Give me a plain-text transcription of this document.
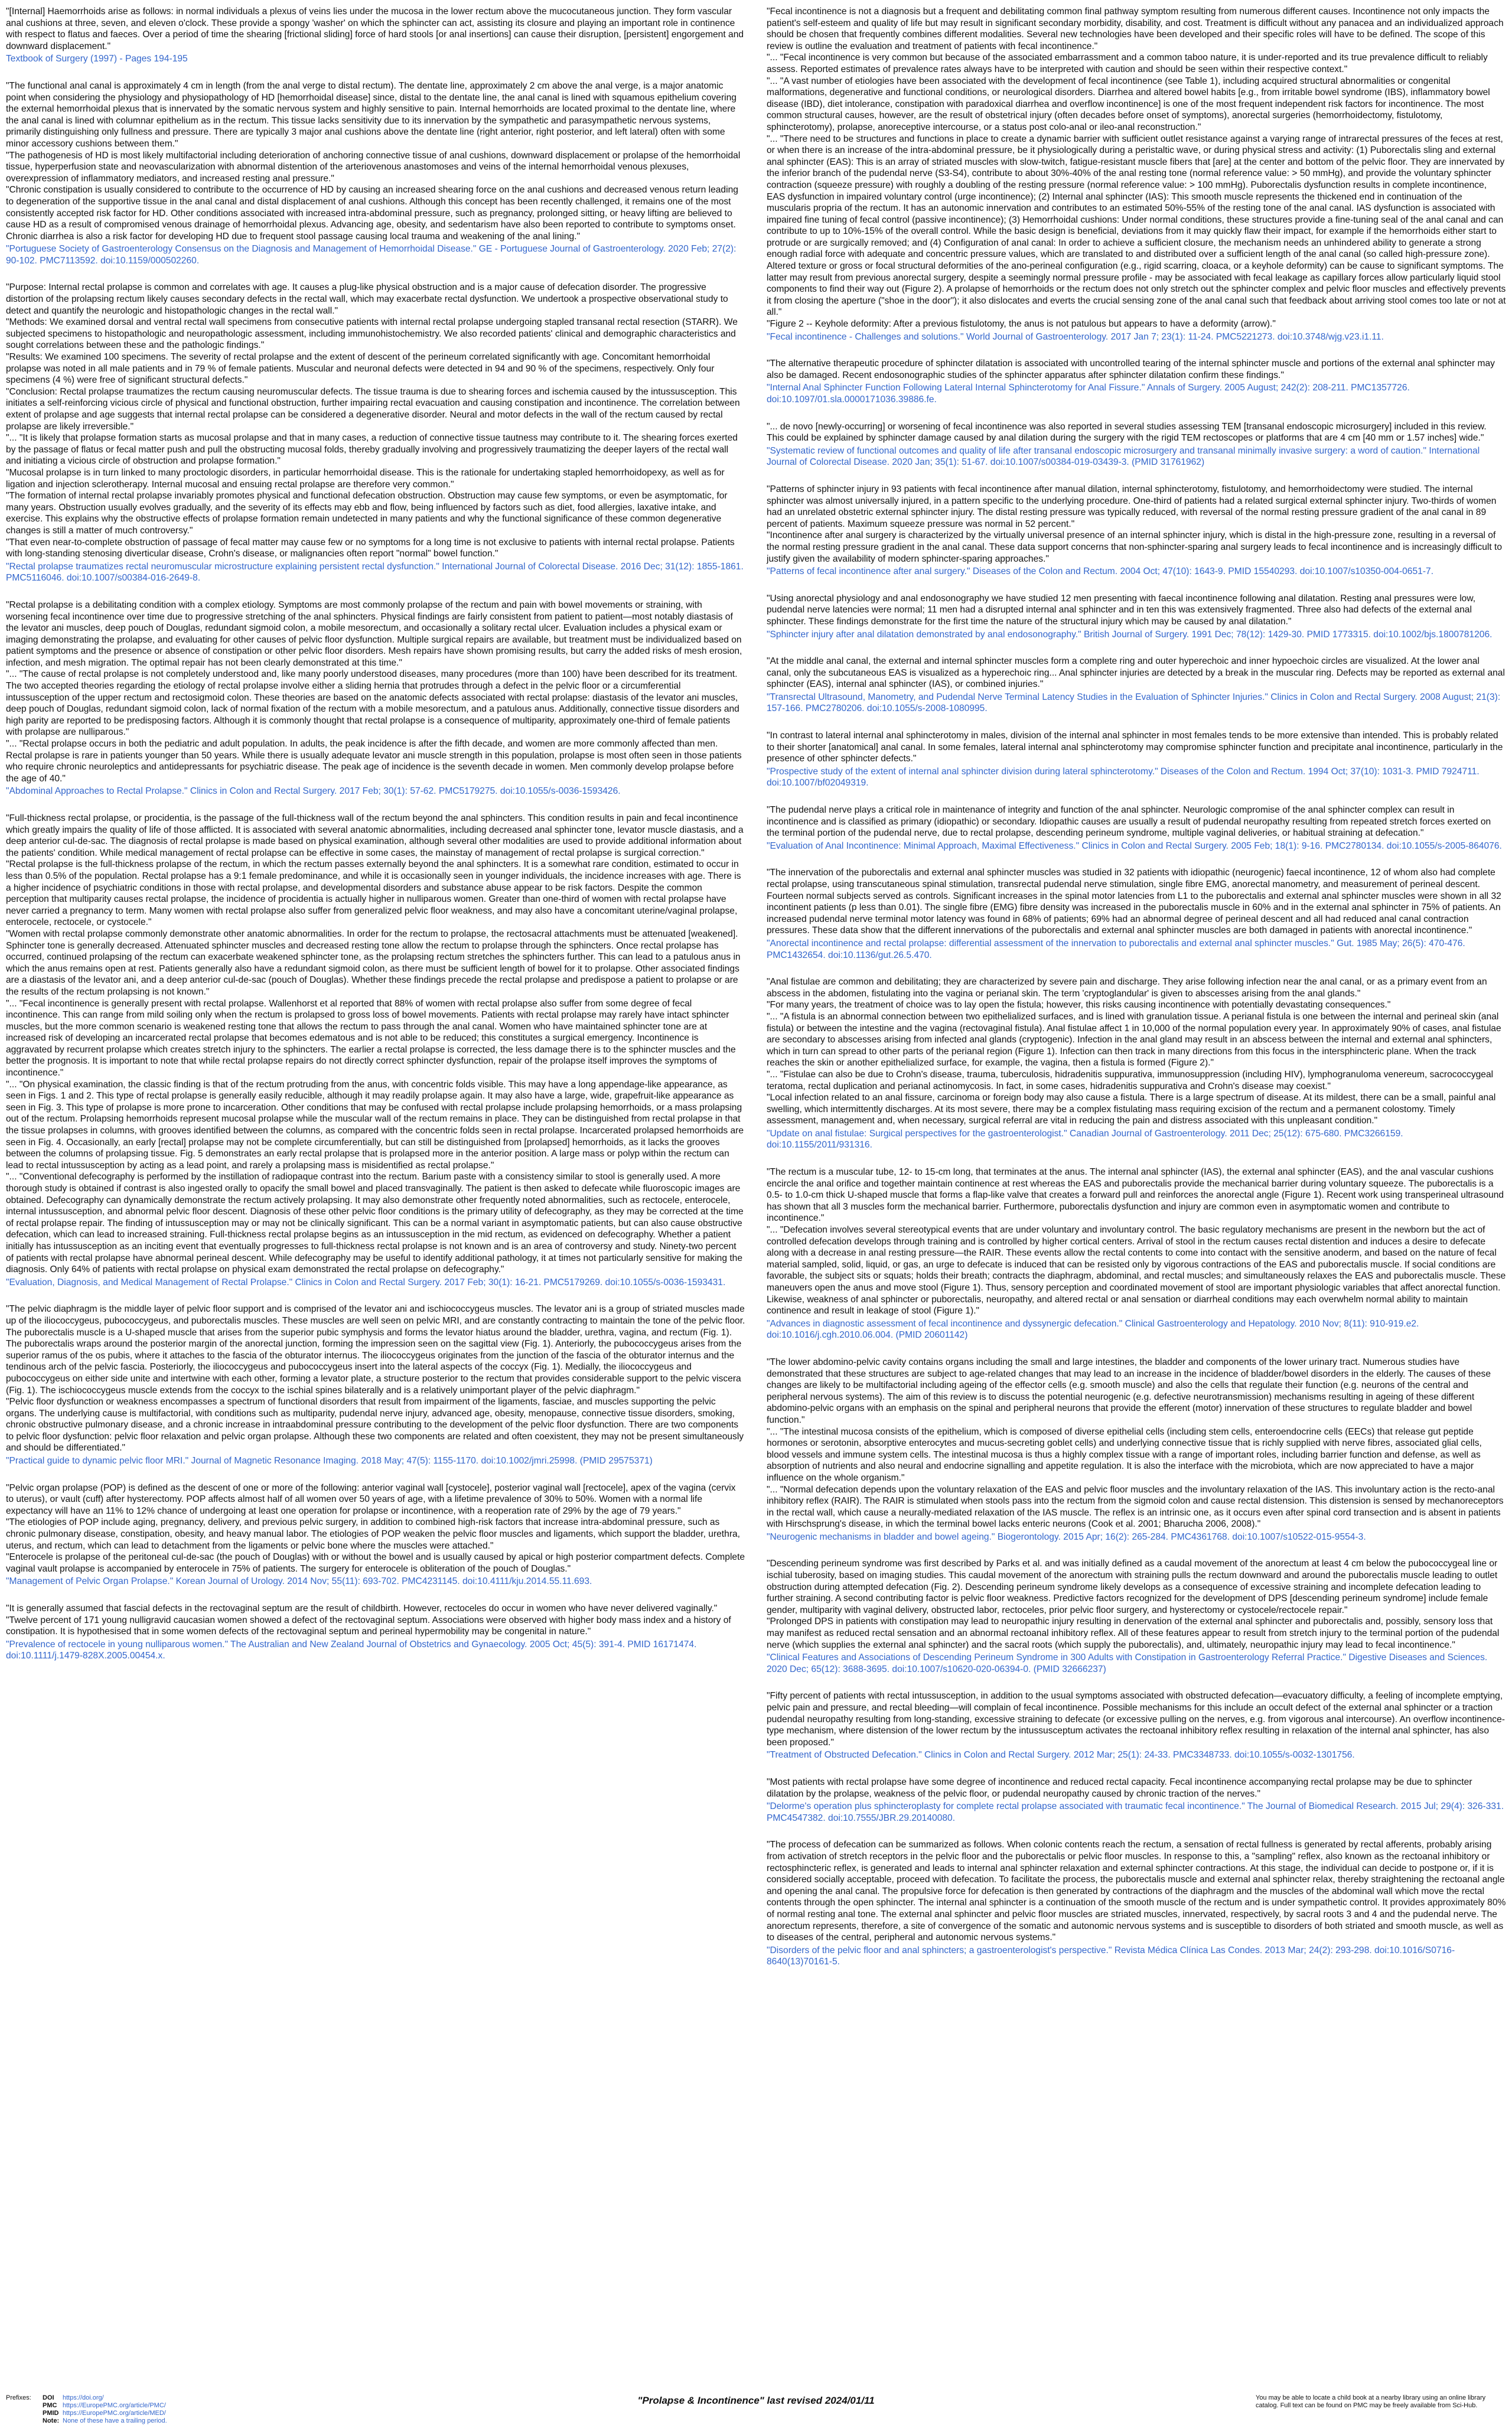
"[Internal] Haemorrhoids arise as follows: in normal individuals a plexus of veins lies under the mucosa in the lower rectum above the mucocutaneous junction. They form vascular anal cushions at three, seven, and eleven o'clock. These provide a spongy 'washer' on which the sphincter can act, assisting its closure and playing an important role in continence with respect to flatus and faeces. Over a period of time the shearing [frictional sliding] force of hard stools [or anal insertions] can cause their disruption, [persistent] engorgement and downward displacement."

Textbook of Surgery (1997) - Pages 194-195

"The functional anal canal is approximately 4 cm in length (from the anal verge to distal rectum). The dentate line, approximately 2 cm above the anal verge, is a major anatomic point when considering the physiology and physiopathology of HD [hemorrhoidal disease] since, distal to the dentate line, the anal canal is lined with squamous epithelium covering the external hemorrhoidal plexus that is innervated by the somatic nervous system and highly sensitive to pain. Internal hemorrhoids are located proximal to the dentate line, where the anal canal is lined with columnar epithelium as in the rectum. This tissue lacks sensitivity due to its innervation by the sympathetic and parasympathetic nervous systems, primarily distinguishing only fullness and pressure. There are typically 3 major anal cushions above the dentate line (right anterior, right posterior, and left lateral) often with some minor accessory cushions between them."
"The pathogenesis of HD is most likely multifactorial including deterioration of anchoring connective tissue of anal cushions, downward displacement or prolapse of the hemorrhoidal tissue, hyperperfusion state and neovascularization with abnormal distention of the arteriovenous anastomoses and veins of the internal hemorrhoidal venous plexuses, overexpression of inflammatory mediators, and increased resting anal pressure."
"Chronic constipation is usually considered to contribute to the occurrence of HD by causing an increased shearing force on the anal cushions and decreased venous return leading to degeneration of the supportive tissue in the anal canal and distal displacement of anal cushions. Although this concept has been recently challenged, it remains one of the most consistently accepted risk factor for HD. Other conditions associated with increased intra-abdominal pressure, such as pregnancy, prolonged sitting, or heavy lifting are believed to cause HD as a result of compromised venous drainage of hemorrhoidal plexus. Advancing age, obesity, and sedentarism have also been reported to contribute to symptoms onset. Chronic diarrhea is also a risk factor for developing HD due to frequent stool passage causing local trauma and weakening of the anal lining."

"Portuguese Society of Gastroenterology Consensus on the Diagnosis and Management of Hemorrhoidal Disease." GE - Portuguese Journal of Gastroenterology. 2020 Feb; 27(2): 90-102. PMC7113592. doi:10.1159/000502260.

"Purpose: Internal rectal prolapse is common and correlates with age. It causes a plug-like physical obstruction and is a major cause of defecation disorder. The progressive distortion of the prolapsing rectum likely causes secondary defects in the rectal wall, which may exacerbate rectal dysfunction. We undertook a prospective observational study to detect and quantify the neurologic and histopathologic changes in the rectal wall."
"Methods: We examined dorsal and ventral rectal wall specimens from consecutive patients with internal rectal prolapse undergoing stapled transanal rectal resection (STARR). We subjected specimens to histopathologic and neuropathologic assessment, including immunohistochemistry. We also recorded patients' clinical and demographic characteristics and sought correlations between these and the pathologic findings."
"Results: We examined 100 specimens. The severity of rectal prolapse and the extent of descent of the perineum correlated significantly with age. Concomitant hemorrhoidal prolapse was noted in all male patients and in 79 % of female patients. Muscular and neuronal defects were detected in 94 and 90 % of the specimens, respectively. Only four specimens (4 %) were free of significant structural defects."
"Conclusion: Rectal prolapse traumatizes the rectum causing neuromuscular defects. The tissue trauma is due to shearing forces and ischemia caused by the intussusception. This initiates a self-reinforcing vicious circle of physical and functional obstruction, further impairing rectal evacuation and causing constipation and incontinence. The correlation between extent of prolapse and age suggests that internal rectal prolapse can be considered a degenerative disorder. Neural and motor defects in the wall of the rectum caused by rectal prolapse are likely irreversible."
"... "It is likely that prolapse formation starts as mucosal prolapse and that in many cases, a reduction of connective tissue tautness may contribute to it. The shearing forces exerted by the passage of flatus or fecal matter push and pull the obstructing mucosal folds, thereby gradually involving and progressively traumatizing the deeper layers of the rectal wall and initiating a vicious circle of obstruction and prolapse formation."
"Mucosal prolapse is in turn linked to many proctologic disorders, in particular hemorrhoidal disease. This is the rationale for undertaking stapled hemorrhoidopexy, as well as for ligation and injection sclerotherapy. Internal mucosal and ensuing rectal prolapse are therefore very common."
"The formation of internal rectal prolapse invariably promotes physical and functional defecation obstruction. Obstruction may cause few symptoms, or even be asymptomatic, for many years. Obstruction usually evolves gradually, and the severity of its effects may ebb and flow, being influenced by factors such as diet, food allergies, laxative intake, and exercise. This explains why the obstructive effects of prolapse formation remain undetected in many patients and why the functional significance of these common degenerative changes is still a matter of much controversy."
"That even near-to-complete obstruction of passage of fecal matter may cause few or no symptoms for a long time is not exclusive to patients with internal rectal prolapse. Patients with long-standing stenosing diverticular disease, Crohn's disease, or malignancies often report "normal" bowel function."

"Rectal prolapse traumatizes rectal neuromuscular microstructure explaining persistent rectal dysfunction." International Journal of Colorectal Disease. 2016 Dec; 31(12): 1855-1861. PMC5116046. doi:10.1007/s00384-016-2649-8.

"Rectal prolapse is a debilitating condition with a complex etiology. Symptoms are most commonly prolapse of the rectum and pain with bowel movements or straining, with worsening fecal incontinence over time due to progressive stretching of the anal sphincters. Physical findings are fairly consistent from patient to patient—most notably diastasis of the levator ani muscles, deep pouch of Douglas, redundant sigmoid colon, a mobile mesorectum, and occasionally a solitary rectal ulcer. Evaluation includes a physical exam or imaging demonstrating the prolapse, and evaluating for other causes of pelvic floor dysfunction. Multiple surgical repairs are available, but treatment must be individualized based on patient symptoms and the presence or absence of constipation or other pelvic floor disorders. Mesh repairs have shown promising results, but carry the added risks of mesh erosion, infection, and mesh migration. The optimal repair has not been clearly demonstrated at this time."
"... "The cause of rectal prolapse is not completely understood and, like many poorly understood diseases, many procedures (more than 100) have been described for its treatment. The two accepted theories regarding the etiology of rectal prolapse involve either a sliding hernia that protrudes through a defect in the pelvic floor or a circumferential intussusception of the upper rectum and rectosigmoid colon. These theories are based on the anatomic defects associated with rectal prolapse: diastasis of the levator ani muscles, deep pouch of Douglas, redundant sigmoid colon, lack of normal fixation of the rectum with a mobile mesorectum, and a patulous anus. Additionally, connective tissue disorders and high parity are reported to be predisposing factors. Although it is commonly thought that rectal prolapse is a consequence of multiparity, approximately one-third of female patients with prolapse are nulliparous."
"... "Rectal prolapse occurs in both the pediatric and adult population. In adults, the peak incidence is after the fifth decade, and women are more commonly affected than men. Rectal prolapse is rare in patients younger than 50 years. While there is usually adequate levator ani muscle strength in this population, prolapse is most often seen in those patients who require chronic neuroleptics and antidepressants for psychiatric disease. The peak age of incidence is the seventh decade in women. Men commonly develop prolapse before the age of 40."

"Abdominal Approaches to Rectal Prolapse." Clinics in Colon and Rectal Surgery. 2017 Feb; 30(1): 57-62. PMC5179275. doi:10.1055/s-0036-1593426.

"Full-thickness rectal prolapse, or procidentia, is the passage of the full-thickness wall of the rectum beyond the anal sphincters. This condition results in pain and fecal incontinence which greatly impairs the quality of life of those afflicted. It is associated with several anatomic abnormalities, including decreased anal sphincter tone, levator muscle diastasis, and a deep anterior cul-de-sac. The diagnosis of rectal prolapse is made based on physical examination, although several other modalities are used to provide additional information about the patients' condition. While medical management of rectal prolapse can be effective in some cases, the mainstay of management of rectal prolapse is surgical correction."
"Rectal prolapse is the full-thickness prolapse of the rectum, in which the rectum passes externally beyond the anal sphincters. It is a somewhat rare condition, estimated to occur in less than 0.5% of the population. Rectal prolapse has a 9:1 female predominance, and while it is occasionally seen in younger individuals, the incidence increases with age. There is a higher incidence of psychiatric conditions in those with rectal prolapse, and developmental disorders and substance abuse appear to be risk factors. Despite the common perception that multiparity causes rectal prolapse, the incidence of procidentia is actually higher in nulliparous women. Greater than one-third of women with rectal prolapse have never carried a pregnancy to term. Many women with rectal prolapse also suffer from generalized pelvic floor weakness, and may also have a concomitant uterine/vaginal prolapse, enterocele, rectocele, or cystocele."
"Women with rectal prolapse commonly demonstrate other anatomic abnormalities. In order for the rectum to prolapse, the rectosacral attachments must be attenuated [weakened]. Sphincter tone is generally decreased. Attenuated sphincter muscles and decreased resting tone allow the rectum to prolapse through the sphincters. Once rectal prolapse has occurred, continued prolapsing of the rectum can exacerbate weakened sphincter tone, as the prolapsing rectum stretches the sphincters further. This can lead to a patulous anus in which the anus remains open at rest. Patients generally also have a redundant sigmoid colon, as there must be sufficient length of bowel for it to prolapse. Other associated findings are a diastasis of the levator ani, and a deep anterior cul-de-sac (pouch of Douglas). Whether these findings precede the rectal prolapse and predispose a patient to prolapse or are the results of the rectum prolapsing is not known."
"... "Fecal incontinence is generally present with rectal prolapse. Wallenhorst et al reported that 88% of women with rectal prolapse also suffer from some degree of fecal incontinence. This can range from mild soiling only when the rectum is prolapsed to gross loss of bowel movements. Patients with rectal prolapse may rarely have intact sphincter muscles, but the more common scenario is weakened resting tone that allows the rectum to pass through the anal canal. Women who have maintained sphincter tone are at increased risk of developing an incarcerated rectal prolapse that becomes edematous and is not able to be reduced; this constitutes a surgical emergency. Incontinence is aggravated by recurrent prolapse which creates stretch injury to the sphincters. The earlier a rectal prolapse is corrected, the less damage there is to the sphincter muscles and the better the prognosis. It is important to note that while rectal prolapse repairs do not directly correct sphincter dysfunction, repair of the prolapse itself improves the symptoms of incontinence."
"... "On physical examination, the classic finding is that of the rectum protruding from the anus, with concentric folds visible. This may have a long appendage-like appearance, as seen in Figs. 1 and 2. This type of rectal prolapse is generally easily reducible, although it may readily prolapse again. It may also have a large, wide, grapefruit-like appearance as seen in Fig. 3. This type of prolapse is more prone to incarceration. Other conditions that may be confused with rectal prolapse include prolapsing hemorrhoids, or a mass prolapsing out of the rectum. Prolapsing hemorrhoids represent mucosal prolapse while the muscular wall of the rectum remains in place. They can be distinguished from rectal prolapse in that the tissue prolapses in columns, with grooves identified between the columns, as compared with the concentric folds seen in rectal prolapse. Incarcerated prolapsed hemorrhoids are seen in Fig. 4. Occasionally, an early [rectal] prolapse may not be complete circumferentially, but can still be distinguished from [prolapsed] hemorrhoids, as it lacks the grooves between the columns of prolapsing tissue. Fig. 5 demonstrates an early rectal prolapse that is prolapsed more in the anterior position. A large mass or polyp within the rectum can lead to rectal intussusception by acting as a lead point, and rarely a prolapsing mass is misidentified as rectal prolapse."
"... "Conventional defecography is performed by the instillation of radiopaque contrast into the rectum. Barium paste with a consistency similar to stool is generally used. A more thorough study is obtained if contrast is also ingested orally to opacify the small bowel and placed transvaginally. The patient is then asked to defecate while fluoroscopic images are obtained. Defecography can dynamically demonstrate the rectum actively prolapsing. It may also demonstrate other frequently noted abnormalities, such as rectocele, enterocele, internal intussusception, and abnormal pelvic floor descent. Diagnosis of these other pelvic floor conditions is the primary utility of defecography, as they may be corrected at the time of rectal prolapse repair. The finding of intussusception may or may not be clinically significant. This can be a normal variant in asymptomatic patients, but can also cause obstructive defecation, which can lead to increased straining. Full-thickness rectal prolapse begins as an intussusception in the mid rectum, as evidenced on defecography. Whether a patient initially has intussusception as an inciting event that eventually progresses to full-thickness rectal prolapse is not known and is an area of controversy and study. Ninety-two percent of patients with rectal prolapse have abnormal perineal descent. While defecography may be useful to identify additional pathology, it at times not particularly sensitive for making the diagnosis. Only 64% of patients with rectal prolapse on physical exam demonstrated the rectal prolapse on defecography."

"Evaluation, Diagnosis, and Medical Management of Rectal Prolapse." Clinics in Colon and Rectal Surgery. 2017 Feb; 30(1): 16-21. PMC5179269. doi:10.1055/s-0036-1593431.

"The pelvic diaphragm is the middle layer of pelvic floor support and is comprised of the levator ani and ischiococcygeus muscles. The levator ani is a group of striated muscles made up of the iliococcygeus, pubococcygeus, and puborectalis muscles. These muscles are well seen on pelvic MRI, and are constantly contracting to maintain the tone of the pelvic floor. The puborectalis muscle is a U-shaped muscle that arises from the superior pubic symphysis and forms the levator hiatus around the bladder, urethra, vagina, and rectum (Fig. 1). The puborectalis wraps around the posterior margin of the anorectal junction, forming the impression seen on the sagittal view (Fig. 1). Anteriorly, the pubococcygeus arises from the superior ramus of the os pubis, where it attaches to the fascia of the obturator internus. The iliococcygeus originates from the junction of the fascia of the obturator internus and the tendinous arch of the pelvic fascia. Posteriorly, the iliococcygeus and pubococcygeus insert into the lateral aspects of the coccyx (Fig. 1). Medially, the iliococcygeus and pubococcygeus on either side unite and intertwine with each other, forming a levator plate, a structure posterior to the rectum that provides considerable support to the pelvic viscera (Fig. 1). The ischiococcygeus muscle extends from the coccyx to the ischial spines bilaterally and is a relatively unimportant player of the pelvic diaphragm."
"Pelvic floor dysfunction or weakness encompasses a spectrum of functional disorders that result from impairment of the ligaments, fasciae, and muscles supporting the pelvic organs. The underlying cause is multifactorial, with conditions such as multiparity, pudendal nerve injury, advanced age, obesity, menopause, connective tissue disorders, smoking, chronic obstructive pulmonary disease, and a chronic increase in intraabdominal pressure contributing to the development of the pelvic floor dysfunction. There are two components to pelvic floor dysfunction: pelvic floor relaxation and pelvic organ prolapse. Although these two components are related and often coexistent, they may not be present simultaneously and should be differentiated."

"Practical guide to dynamic pelvic floor MRI." Journal of Magnetic Resonance Imaging. 2018 May; 47(5): 1155-1170. doi:10.1002/jmri.25998. (PMID 29575371)

"Pelvic organ prolapse (POP) is defined as the descent of one or more of the following: anterior vaginal wall [cystocele], posterior vaginal wall [rectocele], apex of the vagina (cervix to uterus), or vault (cuff) after hysterectomy. POP affects almost half of all women over 50 years of age, with a lifetime prevalence of 30% to 50%. Women with a normal life expectancy will have an 11% to 12% chance of undergoing at least one operation for prolapse or incontinence, with a reoperation rate of 29% by the age of 79 years."
"The etiologies of POP include aging, pregnancy, delivery, and previous pelvic surgery, in addition to combined high-risk factors that increase intra-abdominal pressure, such as chronic pulmonary disease, constipation, obesity, and heavy manual labor. The etiologies of POP weaken the pelvic floor muscles and ligaments, which support the bladder, urethra, uterus, and rectum, which can lead to detachment from the ligaments or pelvic bone where the muscles were attached."
"Enterocele is prolapse of the peritoneal cul-de-sac (the pouch of Douglas) with or without the bowel and is usually caused by apical or high posterior compartment defects. Complete vaginal vault prolapse is accompanied by enterocele in 75% of patients. The surgery for enterocele is obliteration of the pouch of Douglas."

"Management of Pelvic Organ Prolapse." Korean Journal of Urology. 2014 Nov; 55(11): 693-702. PMC4231145. doi:10.4111/kju.2014.55.11.693.

"It is generally assumed that fascial defects in the rectovaginal septum are the result of childbirth. However, rectoceles do occur in women who have never delivered vaginally."
"Twelve percent of 171 young nulligravid caucasian women showed a defect of the rectovaginal septum. Associations were observed with higher body mass index and a history of constipation. It is hypothesised that in some women defects of the rectovaginal septum and perineal hypermobility may be congenital in nature."

"Prevalence of rectocele in young nulliparous women." The Australian and New Zealand Journal of Obstetrics and Gynaecology. 2005 Oct; 45(5): 391-4. PMID 16171474. doi:10.1111/j.1479-828X.2005.00454.x.

"Fecal incontinence is not a diagnosis but a frequent and debilitating common final pathway symptom resulting from numerous different causes. Incontinence not only impacts the patient's self-esteem and quality of life but may result in significant secondary morbidity, disability, and cost. Treatment is difficult without any panacea and an individualized approach should be chosen that frequently combines different modalities. Several new technologies have been developed and their specific roles will have to be defined. The scope of this review is outline the evaluation and treatment of patients with fecal incontinence."
"... "Fecal incontinence is very common but because of the associated embarrassment and a common taboo nature, it is under-reported and its true prevalence difficult to reliably assess. Reported estimates of prevalence rates always have to be interpreted with caution and should be seen within their respective context."
"... "A vast number of etiologies have been associated with the development of fecal incontinence (see Table 1), including acquired structural abnormalities or congenital malformations, degenerative and functional conditions, or neurological disorders. Diarrhea and altered bowel habits [e.g., from irritable bowel syndrome (IBS), inflammatory bowel disease (IBD), diet intolerance, constipation with paradoxical diarrhea and overflow incontinence] is one of the most frequent independent risk factors for incontinence. The most common structural causes, however, are the result of obstetrical injury (often decades before onset of symptoms), anorectal surgeries (hemorrhoidectomy, fistulotomy, sphincterotomy), prolapse, anoreceptive intercourse, or a status post colo-anal or ileo-anal reconstruction."
"... "There need to be structures and functions in place to create a dynamic barrier with sufficient outlet resistance against a varying range of intrarectal pressures of the feces at rest, or when there is an increase of the intra-abdominal pressure, be it physiologically during a peristaltic wave, or during physical stress and activity: (1) Puborectalis sling and external anal sphincter (EAS): This is an array of striated muscles with slow-twitch, fatigue-resistant muscle fibers that [are] at the center and bottom of the pelvic floor. They are innervated by the inferior branch of the pudendal nerve (S3-S4), contribute to about 30%-40% of the anal resting tone (normal reference value: > 50 mmHg), and provide the voluntary sphincter contraction (squeeze pressure) with roughly a doubling of the resting pressure (normal reference value: > 100 mmHg). Puborectalis dysfunction results in complete incontinence, EAS dysfunction in impaired voluntary control (urge incontinence); (2) Internal anal sphincter (IAS): This smooth muscle represents the thickened end in continuation of the muscularis propria of the rectum. It has an autonomic innervation and contributes to an estimated 50%-55% of the resting tone of the anal canal. IAS dysfunction is associated with impaired fine tuning of fecal control (passive incontinence); (3) Hemorrhoidal cushions: Under normal conditions, these structures provide a fine-tuning seal of the anal canal and can contribute to up to 10%-15% of the overall control. While the basic design is beneficial, deviations from it may quickly flaw their impact, for example if the hemorrhoids either start to protrude or are surgically removed; and (4) Configuration of anal canal: In order to achieve a sufficient closure, the mechanism needs an unhindered ability to generate a strong enough radial force with adequate and concentric pressure values, which are translated to and distributed over a sufficient length of the anal canal (so called high-pressure zone). Altered texture or gross or focal structural deformities of the ano-perineal configuration (e.g., rigid scarring, cloaca, or a keyhole deformity) can be cause to significant symptoms. The latter may result from previous anorectal surgery, despite a seemingly normal pressure profile - may be associated with fecal leakage as capillary forces allow particularly liquid stool components to find their way out (Figure 2). A prolapse of hemorrhoids or the rectum does not only stretch out the sphincter complex and pelvic floor muscles and effectively prevents it from closing the aperture ("shoe in the door"); it also dislocates and everts the crucial sensing zone of the anal canal such that feedback about arriving stool comes too late or not at all."
"Figure 2 -- Keyhole deformity: After a previous fistulotomy, the anus is not patulous but appears to have a deformity (arrow)."

"Fecal incontinence - Challenges and solutions." World Journal of Gastroenterology. 2017 Jan 7; 23(1): 11-24. PMC5221273. doi:10.3748/wjg.v23.i1.11.

"The alternative therapeutic procedure of sphincter dilatation is associated with uncontrolled tearing of the internal sphincter muscle and portions of the external anal sphincter may also be damaged. Recent endosonographic studies of the sphincter apparatus after sphincter dilatation confirm these findings."

"Internal Anal Sphincter Function Following Lateral Internal Sphincterotomy for Anal Fissure." Annals of Surgery. 2005 August; 242(2): 208-211. PMC1357726. doi:10.1097/01.sla.0000171036.39886.fe.

"... de novo [newly-occurring] or worsening of fecal incontinence was also reported in several studies assessing TEM [transanal endoscopic microsurgery] included in this review. This could be explained by sphincter damage caused by anal dilation during the surgery with the rigid TEM rectoscopes or platforms that are 4 cm [40 mm or 1.57 inches] wide."

"Systematic review of functional outcomes and quality of life after transanal endoscopic microsurgery and transanal minimally invasive surgery: a word of caution." International Journal of Colorectal Disease. 2020 Jan; 35(1): 51-67. doi:10.1007/s00384-019-03439-3. (PMID 31761962)

"Patterns of sphincter injury in 93 patients with fecal incontinence after manual dilation, internal sphincterotomy, fistulotomy, and hemorrhoidectomy were studied. The internal sphincter was almost universally injured, in a pattern specific to the underlying procedure. One-third of patients had a related surgical external sphincter injury. Two-thirds of women had an unrelated obstetric external sphincter injury. The distal resting pressure was typically reduced, with reversal of the normal resting pressure gradient of the anal canal in 89 percent of patients. Maximum squeeze pressure was normal in 52 percent."
"Incontinence after anal surgery is characterized by the virtually universal presence of an internal sphincter injury, which is distal in the high-pressure zone, resulting in a reversal of the normal resting pressure gradient in the anal canal. These data support concerns that non-sphincter-sparing anal surgery leads to fecal incontinence and is increasingly difficult to justify given the availability of modern sphincter-sparing approaches."

"Patterns of fecal incontinence after anal surgery." Diseases of the Colon and Rectum. 2004 Oct; 47(10): 1643-9. PMID 15540293. doi:10.1007/s10350-004-0651-7.

"Using anorectal physiology and anal endosonography we have studied 12 men presenting with faecal incontinence following anal dilatation. Resting anal pressures were low, pudendal nerve latencies were normal; 11 men had a disrupted internal anal sphincter and in ten this was extensively fragmented. Three also had defects of the external anal sphincter. These findings demonstrate for the first time the nature of the structural injury which may be caused by anal dilatation."

"Sphincter injury after anal dilatation demonstrated by anal endosonography." British Journal of Surgery. 1991 Dec; 78(12): 1429-30. PMID 1773315. doi:10.1002/bjs.1800781206.

"At the middle anal canal, the external and internal sphincter muscles form a complete ring and outer hyperechoic and inner hypoechoic circles are visualized. At the lower anal canal, only the subcutaneous EAS is visualized as a hyperechoic ring... Anal sphincter injuries are detected by a break in the muscular ring. Defects may be reported as external anal sphincter (EAS), internal anal sphincter (IAS), or combined injuries."

"Transrectal Ultrasound, Manometry, and Pudendal Nerve Terminal Latency Studies in the Evaluation of Sphincter Injuries." Clinics in Colon and Rectal Surgery. 2008 August; 21(3): 157-166. PMC2780206. doi:10.1055/s-2008-1080995.

"In contrast to lateral internal anal sphincterotomy in males, division of the internal anal sphincter in most females tends to be more extensive than intended. This is probably related to their shorter [anatomical] anal canal. In some females, lateral internal anal sphincterotomy may compromise sphincter function and precipitate anal incontinence, particularly in the presence of other sphincter defects."

"Prospective study of the extent of internal anal sphincter division during lateral sphincterotomy." Diseases of the Colon and Rectum. 1994 Oct; 37(10): 1031-3. PMID 7924711. doi:10.1007/bf02049319.

"The pudendal nerve plays a critical role in maintenance of integrity and function of the anal sphincter. Neurologic compromise of the anal sphincter complex can result in incontinence and is classified as primary (idiopathic) or secondary. Idiopathic causes are usually a result of pudendal neuropathy resulting from repeated stretch forces exerted on the terminal portion of the pudendal nerve, due to rectal prolapse, descending perineum syndrome, multiple vaginal deliveries, or habitual straining at defecation."

"Evaluation of Anal Incontinence: Minimal Approach, Maximal Effectiveness." Clinics in Colon and Rectal Surgery. 2005 Feb; 18(1): 9-16. PMC2780134. doi:10.1055/s-2005-864076.

"The innervation of the puborectalis and external anal sphincter muscles was studied in 32 patients with idiopathic (neurogenic) faecal incontinence, 12 of whom also had complete rectal prolapse, using transcutaneous spinal stimulation, transrectal pudendal nerve stimulation, single fibre EMG, anorectal manometry, and measurement of perineal descent. Fourteen normal subjects served as controls. Significant increases in the spinal motor latencies from L1 to the puborectalis and external anal sphincter muscles were shown in all 32 incontinent patients (p less than 0.01). The single fibre (EMG) fibre density was increased in the puborectalis muscle in 60% and in the external anal sphincter in 75% of patients. An increased pudendal nerve terminal motor latency was found in 68% of patients; 69% had an abnormal degree of perineal descent and all had reduced anal canal contraction pressures. These data show that the different innervations of the puborectalis and external anal sphincter muscles are both damaged in patients with anorectal incontinence."

"Anorectal incontinence and rectal prolapse: differential assessment of the innervation to puborectalis and external anal sphincter muscles." Gut. 1985 May; 26(5): 470-476. PMC1432654. doi:10.1136/gut.26.5.470.

"Anal fistulae are common and debilitating; they are characterized by severe pain and discharge. They arise following infection near the anal canal, or as a primary event from an abscess in the abdomen, fistulating into the vagina or perianal skin. The term 'cryptoglandular' is given to abscesses arising from the anal glands."
"For many years, the treatment of choice was to lay open the fistula; however, this risks causing incontinence with potentially devastating consequences."
"... "A fistula is an abnormal connection between two epithelialized surfaces, and is lined with granulation tissue. A perianal fistula is one between the internal and perineal skin (anal fistula) or between the intestine and the vagina (rectovaginal fistula). Anal fistulae affect 1 in 10,000 of the normal population every year. In approximately 90% of cases, anal fistulae are secondary to abscesses arising from infected anal glands (cryptogenic). Infection in the anal gland may result in an abscess between the internal and external anal sphincters, which in turn can spread to other parts of the perianal region (Figure 1). Infection can then track in many directions from this focus in the intersphincteric plane. When the track reaches the skin or another epithelialized surface, for example, the vagina, then a fistula is formed (Figure 2)."
"... "Fistulae can also be due to Crohn's disease, trauma, tuberculosis, hidradenitis suppurativa, immunosuppression (including HIV), lymphogranuloma venereum, sacrococcygeal teratoma, rectal duplication and perianal actinomycosis. In fact, in some cases, hidradenitis suppurativa and Crohn's disease may coexist."
"Local infection related to an anal fissure, carcinoma or foreign body may also cause a fistula. There is a large spectrum of disease. At its mildest, there can be a small, painful anal swelling, which intermittently discharges. At its most severe, there may be a complex fistulating mass requiring excision of the rectum and a permanent colostomy. Timely assessment, management and, when necessary, surgical referral are vital in reducing the pain and distress associated with this unpleasant condition."

"Update on anal fistulae: Surgical perspectives for the gastroenterologist." Canadian Journal of Gastroenterology. 2011 Dec; 25(12): 675-680. PMC3266159. doi:10.1155/2011/931316.

"The rectum is a muscular tube, 12- to 15-cm long, that terminates at the anus. The internal anal sphincter (IAS), the external anal sphincter (EAS), and the anal vascular cushions encircle the anal orifice and together maintain continence at rest whereas the EAS and puborectalis provide the mechanical barrier during voluntary squeeze. The puborectalis is a 0.5- to 1.0-cm thick U-shaped muscle that forms a flap-like valve that creates a forward pull and reinforces the anorectal angle (Figure 1). Recent work using transperineal ultrasound has shown that all 3 muscles form the mechanical barrier. Furthermore, puborectalis dysfunction and injury are common even in asymptomatic women and contribute to incontinence."
"... "Defecation involves several stereotypical events that are under voluntary and involuntary control. The basic regulatory mechanisms are present in the newborn but the act of controlled defecation develops through training and is controlled by higher cortical centers. Arrival of stool in the rectum causes rectal distention and induces a desire to defecate along with a decrease in anal resting pressure—the RAIR. These events allow the rectal contents to come into contact with the sensitive anoderm, and based on the nature of fecal material sampled, solid, liquid, or gas, an urge to defecate is induced that can be resisted only by vigorous contractions of the EAS and puborectalis muscle. If social conditions are favorable, the subject sits or squats; holds their breath; contracts the diaphragm, abdominal, and rectal muscles; and simultaneously relaxes the EAS and puborectalis muscle. These maneuvers open the anus and move stool (Figure 1). Thus, sensory perception and coordinated movement of stool are important physiologic variables that affect anorectal function. Likewise, weakness of anal sphincter or puborectalis, neuropathy, and altered rectal or anal sensation or diarrheal conditions may each overwhelm normal ability to maintain continence and result in leakage of stool (Figure 1)."

"Advances in diagnostic assessment of fecal incontinence and dyssynergic defecation." Clinical Gastroenterology and Hepatology. 2010 Nov; 8(11): 910-919.e2. doi:10.1016/j.cgh.2010.06.004. (PMID 20601142)

"The lower abdomino-pelvic cavity contains organs including the small and large intestines, the bladder and components of the lower urinary tract. Numerous studies have demonstrated that these structures are subject to age-related changes that may lead to an increase in the incidence of bladder/bowel disorders in the elderly. The causes of these changes are likely to be multifactorial including ageing of the effector cells (e.g. smooth muscle) and also the cells that regulate their function (e.g. neurons of the central and peripheral nervous systems). The aim of this review is to discuss the potential neurogenic (e.g. defective neurotransmission) mechanisms resulting in ageing of these different abdomino-pelvic organs with an emphasis on the spinal and peripheral neurons that provide the efferent (motor) innervation of these structures to regulate bladder and bowel function."
"... "The intestinal mucosa consists of the epithelium, which is composed of diverse epithelial cells (including stem cells, enteroendocrine cells (EECs) that release gut peptide hormones or serotonin, absorptive enterocytes and mucus-secreting goblet cells) and underlying connective tissue that is richly supplied with nerve fibres, associated glial cells, blood vessels and immune system cells. The intestinal mucosa is thus a highly complex tissue with a range of important roles, including barrier function and defense, as well as absorption of nutrients and also neural and endocrine signalling and appetite regulation. It is also the interface with the microbiota, which are now appreciated to have a major influence on the whole organism."
"... "Normal defecation depends upon the voluntary relaxation of the EAS and pelvic floor muscles and the involuntary relaxation of the IAS. This involuntary action is the recto-anal inhibitory reflex (RAIR). The RAIR is stimulated when stools pass into the rectum from the sigmoid colon and cause rectal distension. This distension is sensed by mechanoreceptors in the rectal wall, which cause a neurally-mediated relaxation of the IAS muscle. The reflex is an intrinsic one, as it occurs even after spinal cord transection and is absent in patients with Hirschsprung's disease, in which the terminal bowel lacks enteric neurons (Cook et al. 2001; Bharucha 2006, 2008)."

"Neurogenic mechanisms in bladder and bowel ageing." Biogerontology. 2015 Apr; 16(2): 265-284. PMC4361768. doi:10.1007/s10522-015-9554-3.

"Descending perineum syndrome was first described by Parks et al. and was initially defined as a caudal movement of the anorectum at least 4 cm below the pubococcygeal line or ischial tuberosity, based on imaging studies. This caudal movement of the anorectum with straining pulls the rectum downward and around the puborectalis muscle leading to outlet obstruction during attempted defecation (Fig. 2). Descending perineum syndrome likely develops as a consequence of excessive straining and incomplete defecation leading to further straining. A second contributing factor is pelvic floor weakness. Predictive factors recognized for the development of DPS [descending perineum syndrome] include female gender, multiparity with vaginal delivery, obstructed labor, rectoceles, prior pelvic floor surgery, and hysterectomy or cystocele/rectocele repair."
"Prolonged DPS in patients with constipation may lead to neuropathic injury resulting in denervation of the external anal sphincter and puborectalis and, possibly, sensory loss that may manifest as reduced rectal sensation and an abnormal rectoanal inhibitory reflex. All of these features appear to result from stretch injury to the terminal portion of the pudendal nerve (which supplies the external anal sphincter) and the sacral roots (which supply the puborectalis), and, ultimately, neuropathic injury may lead to fecal incontinence."

"Clinical Features and Associations of Descending Perineum Syndrome in 300 Adults with Constipation in Gastroenterology Referral Practice." Digestive Diseases and Sciences. 2020 Dec; 65(12): 3688-3695. doi:10.1007/s10620-020-06394-0. (PMID 32666237)

"Fifty percent of patients with rectal intussusception, in addition to the usual symptoms associated with obstructed defecation—evacuatory difficulty, a feeling of incomplete emptying, pelvic pain and pressure, and rectal bleeding—will complain of fecal incontinence. Possible mechanisms for this include an occult defect of the external anal sphincter or a traction pudendal neuropathy resulting from long-standing, excessive straining to defecate (or excessive pulling on the nerves, e.g. from vigorous anal intercourse). An overflow incontinence-type mechanism, where distension of the lower rectum by the intussusceptum activates the rectoanal inhibitory reflex resulting in relaxation of the internal anal sphincter, has also been proposed."

"Treatment of Obstructed Defecation." Clinics in Colon and Rectal Surgery. 2012 Mar; 25(1): 24-33. PMC3348733. doi:10.1055/s-0032-1301756.

"Most patients with rectal prolapse have some degree of incontinence and reduced rectal capacity. Fecal incontinence accompanying rectal prolapse may be due to sphincter dilatation by the prolapse, weakness of the pelvic floor, or pudendal neuropathy caused by chronic traction of the nerves."

"Delorme's operation plus sphincteroplasty for complete rectal prolapse associated with traumatic fecal incontinence." The Journal of Biomedical Research. 2015 Jul; 29(4): 326-331. PMC4547382. doi:10.7555/JBR.29.20140080.

"The process of defecation can be summarized as follows. When colonic contents reach the rectum, a sensation of rectal fullness is generated by rectal afferents, probably arising from activation of stretch receptors in the pelvic floor and the puborectalis or pelvic floor muscles. In response to this, a "sampling" reflex, also known as the rectoanal inhibitory or rectosphincteric reflex, is generated and leads to internal anal sphincter relaxation and external sphincter contractions. At this stage, the individual can decide to postpone or, if it is considered socially acceptable, proceed with defecation. To facilitate the process, the puborectalis muscle and external anal sphincter relax, thereby straightening the rectoanal angle and opening the anal canal. The propulsive force for defecation is then generated by contractions of the diaphragm and the muscles of the abdominal wall which move the rectal contents through the open sphincter. The internal anal sphincter is a continuation of the smooth muscle of the rectum and is under sympathetic control. It provides approximately 80% of normal resting anal tone. The external anal sphincter and pelvic floor muscles are striated muscles, innervated, respectively, by sacral roots 3 and 4 and the pudendal nerve. The anorectum represents, therefore, a site of convergence of the somatic and autonomic nervous systems and is susceptible to disorders of both striated and smooth muscle, as well as to diseases of the central, peripheral and autonomic nervous systems."

"Disorders of the pelvic floor and anal sphincters; a gastroenterologist's perspective." Revista Médica Clínica Las Condes. 2013 Mar; 24(2): 293-298. doi:10.1016/S0716-8640(13)70161-5.
Prefixes:	DOI	https://doi.org/
PMC https://EuropePMC.org/article/PMC/
PMID https://EuropePMC.org/article/MED/
Note: None of these have a trailing period.
"Prolapse & Incontinence" last revised 2024/01/11	You may be able to locate a child book at a nearby library using an online library catalog. Full text can be found on PMC may be freely available from Sci-Hub.
